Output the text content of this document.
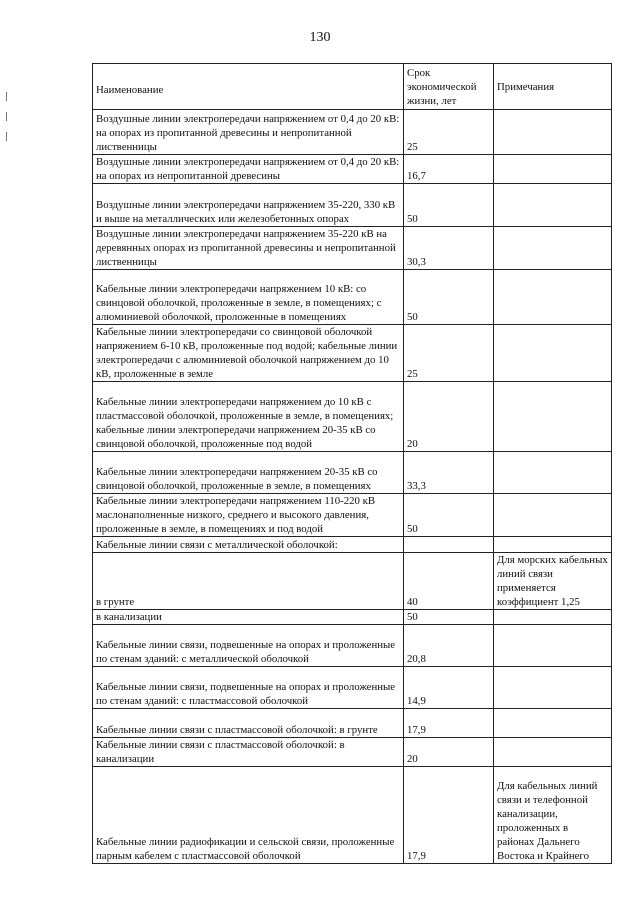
130
Наименование	Срок экономической жизни, лет	Примечания
Воздушные линии электропередачи напряжением от 0,4 до 20 кВ: на опорах из пропитанной древесины и непропитанной лиственницы	25	
Воздушные линии электропередачи напряжением от 0,4 до 20 кВ: на опорах из непропитанной древесины	16,7	
Воздушные линии электропередачи напряжением 35-220, 330 кВ и выше на металлических или железобетонных опорах	50	
Воздушные линии электропередачи напряжением 35-220 кВ на деревянных опорах из пропитанной древесины и непропитанной лиственницы	30,3	
Кабельные линии электропередачи напряжением 10 кВ: со свинцовой оболочкой, проложенные в земле, в помещениях; с алюминиевой оболочкой, проложенные в помещениях	50	
Кабельные линии электропередачи со свинцовой оболочкой напряжением 6-10 кВ, проложенные под водой; кабельные линии электропередачи с алюминиевой оболочкой напряжением до 10 кВ, проложенные в земле	25	
Кабельные линии электропередачи напряжением до 10 кВ с пластмассовой оболочкой, проложенные в земле, в помещениях; кабельные линии электропередачи напряжением 20-35 кВ со свинцовой оболочкой, проложенные под водой	20	
Кабельные линии электропередачи напряжением 20-35 кВ со свинцовой оболочкой, проложенные в земле, в помещениях	33,3	
Кабельные линии электропередачи напряжением 110-220 кВ маслонаполненные низкого, среднего и высокого давления, проложенные в земле, в помещениях и под водой	50	
Кабельные линии связи с металлической оболочкой:		
в грунте	40	Для морских кабельных линий связи применяется коэффициент 1,25
в канализации	50	
Кабельные линии связи, подвешенные на опорах и проложенные по стенам зданий: с металлической оболочкой	20,8	
Кабельные линии связи, подвешенные на опорах и проложенные по стенам зданий: с пластмассовой оболочкой	14,9	
Кабельные линии связи с пластмассовой оболочкой: в грунте	17,9	
Кабельные линии связи с пластмассовой оболочкой: в канализации	20	
Кабельные линии радиофикации и сельской связи, проложенные парным кабелем с пластмассовой оболочкой	17,9	Для кабельных линий связи и телефонной канализации, проложенных в районах Дальнего Востока и Крайнего
